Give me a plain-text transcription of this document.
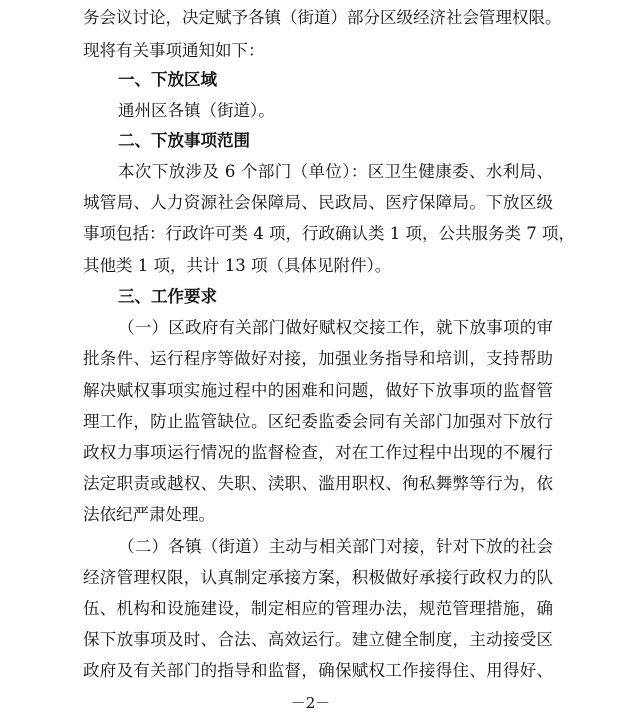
务会议讨论，决定赋予各镇（街道）部分区级经济社会管理权限。
现将有关事项通知如下：
一、下放区域
通州区各镇（街道）。
二、下放事项范围
本次下放涉及 6 个部门（单位）：区卫生健康委、水利局、
城管局、人力资源社会保障局、民政局、医疗保障局。下放区级
事项包括：行政许可类 4 项，行政确认类 1 项，公共服务类 7 项，
其他类 1 项，共计 13 项（具体见附件）。
三、工作要求
（一）区政府有关部门做好赋权交接工作，就下放事项的审
批条件、运行程序等做好对接，加强业务指导和培训，支持帮助
解决赋权事项实施过程中的困难和问题，做好下放事项的监督管
理工作，防止监管缺位。区纪委监委会同有关部门加强对下放行
政权力事项运行情况的监督检查，对在工作过程中出现的不履行
法定职责或越权、失职、渎职、滥用职权、徇私舞弊等行为，依
法依纪严肃处理。
（二）各镇（街道）主动与相关部门对接，针对下放的社会
经济管理权限，认真制定承接方案，积极做好承接行政权力的队
伍、机构和设施建设，制定相应的管理办法，规范管理措施，确
保下放事项及时、合法、高效运行。建立健全制度，主动接受区
政府及有关部门的指导和监督，确保赋权工作接得住、用得好、
－2－
